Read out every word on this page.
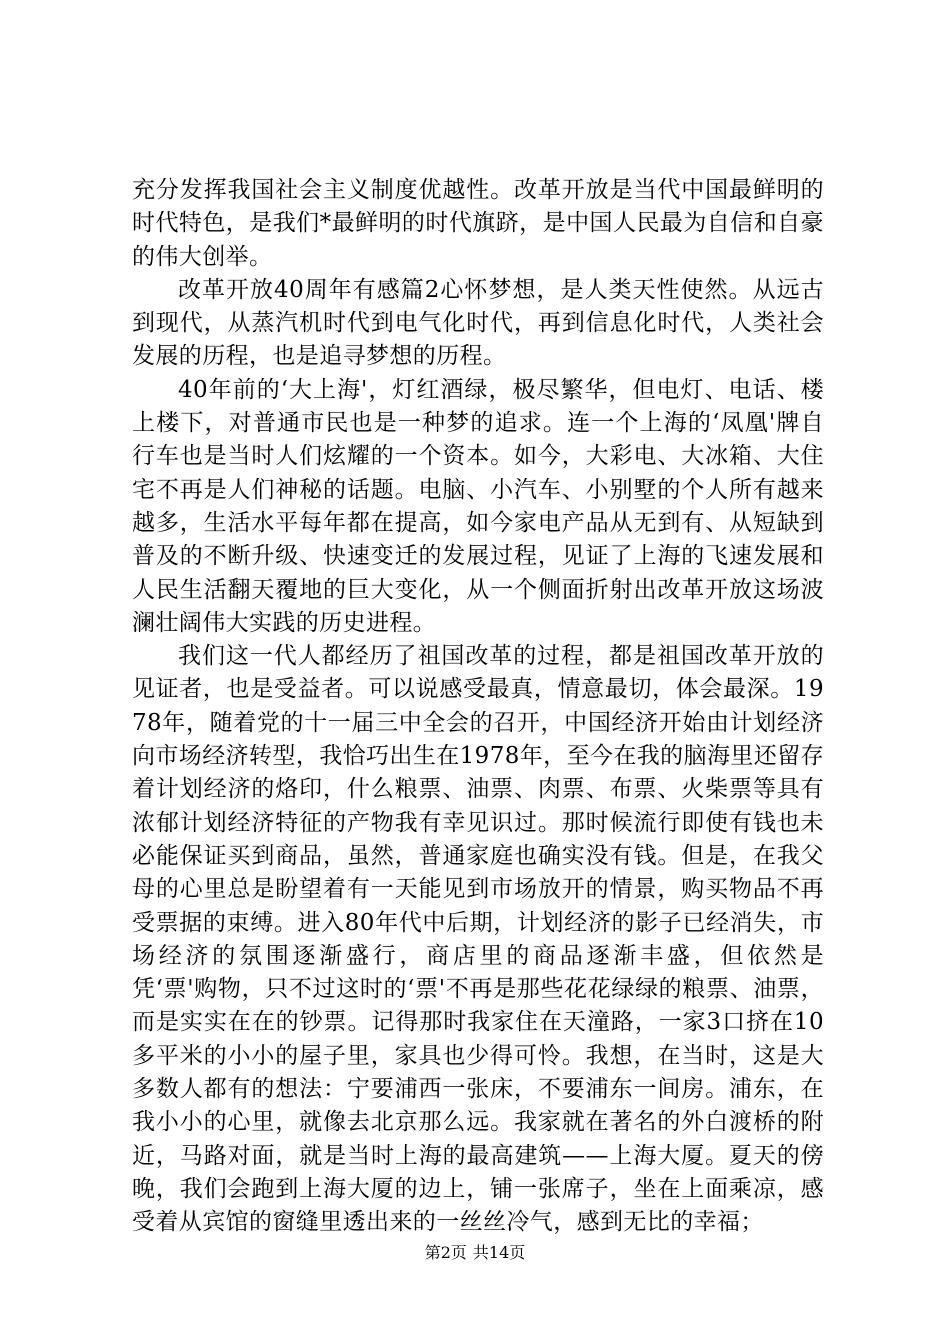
充分发挥我国社会主义制度优越性。改革开放是当代中国最鲜明的时代特色，是我们*最鲜明的时代旗跻，是中国人民最为自信和自豪的伟大创举。

改革开放40周年有感篇2心怀梦想，是人类天性使然。从远古到现代，从蒸汽机时代到电气化时代，再到信息化时代，人类社会发展的历程，也是追寻梦想的历程。

40年前的‘大上海'，灯红酒绿，极尽繁华，但电灯、电话、楼上楼下，对普通市民也是一种梦的追求。连一个上海的‘凤凰'牌自行车也是当时人们炫耀的一个资本。如今，大彩电、大冰箱、大住宅不再是人们神秘的话题。电脑、小汽车、小别墅的个人所有越来越多，生活水平每年都在提高，如今家电产品从无到有、从短缺到普及的不断升级、快速变迁的发展过程，见证了上海的飞速发展和人民生活翻天覆地的巨大变化，从一个侧面折射出改革开放这场波澜壮阔伟大实践的历史进程。

我们这一代人都经历了祖国改革的过程，都是祖国改革开放的见证者，也是受益者。可以说感受最真，情意最切，体会最深。1978年，随着党的十一届三中全会的召开，中国经济开始由计划经济向市场经济转型，我恰巧出生在1978年，至今在我的脑海里还留存着计划经济的烙印，什么粮票、油票、肉票、布票、火柴票等具有浓郁计划经济特征的产物我有幸见识过。那时候流行即使有钱也未必能保证买到商品，虽然，普通家庭也确实没有钱。但是，在我父母的心里总是盼望着有一天能见到市场放开的情景，购买物品不再受票据的束缚。进入80年代中后期，计划经济的影子已经消失，市场经济的氛围逐渐盛行，商店里的商品逐渐丰盛，但依然是凭‘票'购物，只不过这时的‘票'不再是那些花花绿绿的粮票、油票，而是实实在在的钞票。记得那时我家住在天潼路，一家3口挤在10多平米的小小的屋子里，家具也少得可怜。我想，在当时，这是大多数人都有的想法：宁要浦西一张床，不要浦东一间房。浦东，在我小小的心里，就像去北京那么远。我家就在著名的外白渡桥的附近，马路对面，就是当时上海的最高建筑——上海大厦。夏天的傍晚，我们会跑到上海大厦的边上，铺一张席子，坐在上面乘凉，感受着从宾馆的窗缝里透出来的一丝丝冷气，感到无比的幸福；

第2页 共14页
